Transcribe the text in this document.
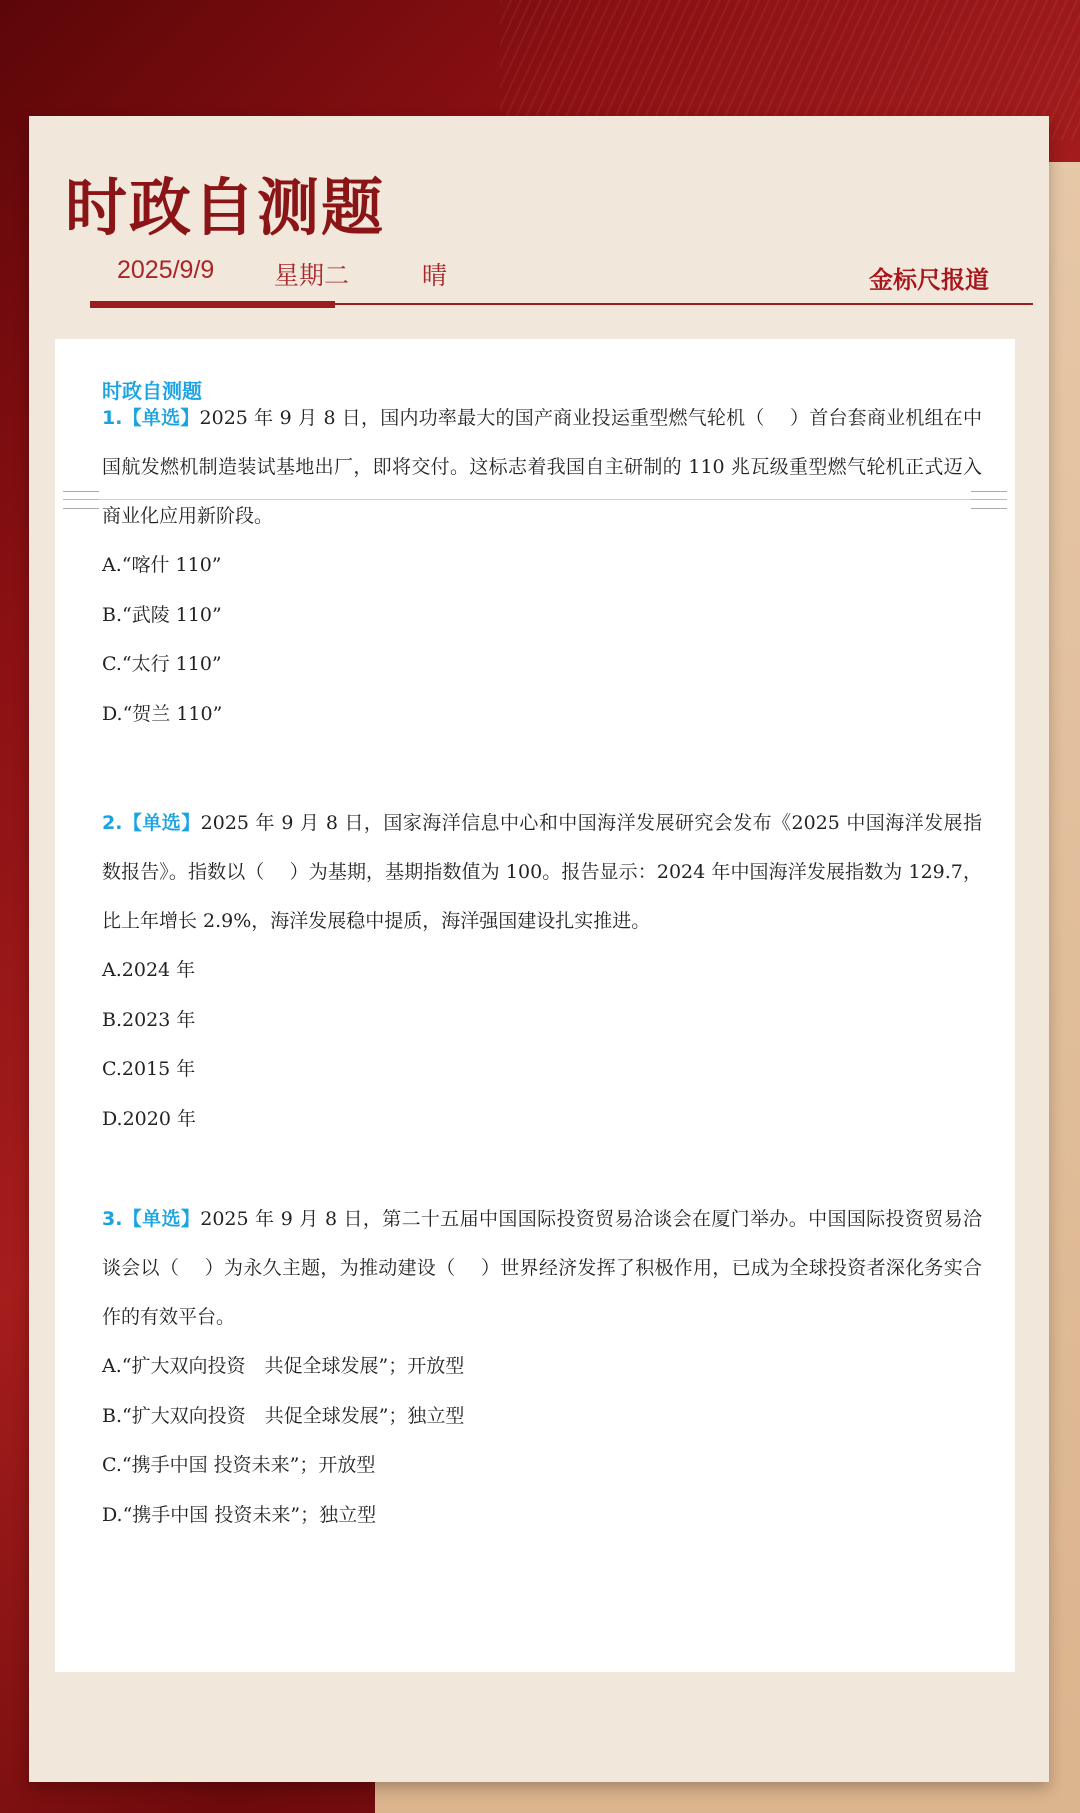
时政自测题
2025/9/9 星期二	晴	金标尺报道
时政自测题

1.【单选】2025 年 9 月 8 日，国内功率最大的国产商业投运重型燃气轮机（　 ）首台套商业机组在中国航发燃机制造装试基地出厂，即将交付。这标志着我国自主研制的 110 兆瓦级重型燃气轮机正式迈入商业化应用新阶段。

A.“喀什 110”
B.“武陵 110”
C.“太行 110”
D.“贺兰 110”

2.【单选】2025 年 9 月 8 日，国家海洋信息中心和中国海洋发展研究会发布《2025 中国海洋发展指数报告》。指数以（　 ）为基期，基期指数值为 100。报告显示：2024 年中国海洋发展指数为 129.7，比上年增长 2.9%，海洋发展稳中提质，海洋强国建设扎实推进。

A.2024 年
B.2023 年
C.2015 年
D.2020 年

3.【单选】2025 年 9 月 8 日，第二十五届中国国际投资贸易洽谈会在厦门举办。中国国际投资贸易洽谈会以（　 ）为永久主题，为推动建设（　 ）世界经济发挥了积极作用，已成为全球投资者深化务实合作的有效平台。

A.“扩大双向投资　共促全球发展”；开放型
B.“扩大双向投资　共促全球发展”；独立型
C.“携手中国 投资未来”；开放型
D.“携手中国 投资未来”；独立型
